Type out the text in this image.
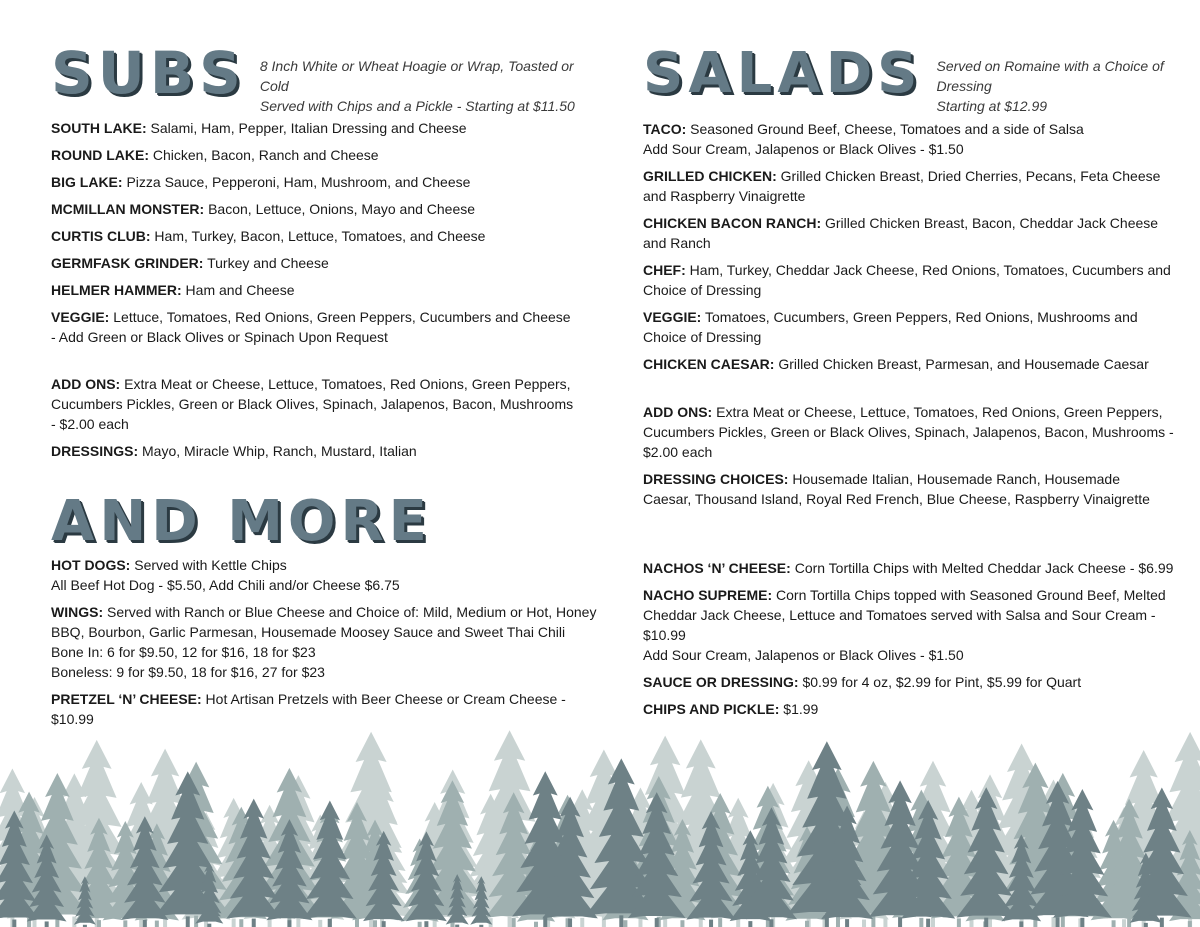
SUBS 8 Inch White or Wheat Hoagie or Wrap, Toasted or Cold
Served with Chips and a Pickle - Starting at $11.50
SOUTH LAKE: Salami, Ham, Pepper, Italian Dressing and Cheese
ROUND LAKE: Chicken, Bacon, Ranch and Cheese
BIG LAKE: Pizza Sauce, Pepperoni, Ham, Mushroom, and Cheese
MCMILLAN MONSTER: Bacon, Lettuce, Onions, Mayo and Cheese
CURTIS CLUB: Ham, Turkey, Bacon, Lettuce, Tomatoes, and Cheese
GERMFASK GRINDER: Turkey and Cheese
HELMER HAMMER: Ham and Cheese
VEGGIE: Lettuce, Tomatoes, Red Onions, Green Peppers, Cucumbers and Cheese
- Add Green or Black Olives or Spinach Upon Request
ADD ONS: Extra Meat or Cheese, Lettuce, Tomatoes, Red Onions, Green Peppers,
Cucumbers Pickles, Green or Black Olives, Spinach, Jalapenos, Bacon, Mushrooms
- $2.00 each
DRESSINGS: Mayo, Miracle Whip, Ranch, Mustard, Italian
AND MORE
HOT DOGS: Served with Kettle Chips
All Beef Hot Dog - $5.50, Add Chili and/or Cheese $6.75
WINGS: Served with Ranch or Blue Cheese and Choice of: Mild, Medium or Hot, Honey
BBQ, Bourbon, Garlic Parmesan, Housemade Moosey Sauce and Sweet Thai Chili
Bone In: 6 for $9.50, 12 for $16, 18 for $23
Boneless: 9 for $9.50, 18 for $16, 27 for $23
PRETZEL ‘N’ CHEESE: Hot Artisan Pretzels with Beer Cheese or Cream Cheese - $10.99
SALADS Served on Romaine with a Choice of Dressing
Starting at $12.99
TACO: Seasoned Ground Beef, Cheese, Tomatoes and a side of Salsa
Add Sour Cream, Jalapenos or Black Olives - $1.50
GRILLED CHICKEN: Grilled Chicken Breast, Dried Cherries, Pecans, Feta Cheese
and Raspberry Vinaigrette
CHICKEN BACON RANCH: Grilled Chicken Breast, Bacon, Cheddar Jack Cheese
and Ranch
CHEF: Ham, Turkey, Cheddar Jack Cheese, Red Onions, Tomatoes, Cucumbers and
Choice of Dressing
VEGGIE: Tomatoes, Cucumbers, Green Peppers, Red Onions, Mushrooms and
Choice of Dressing
CHICKEN CAESAR: Grilled Chicken Breast, Parmesan, and Housemade Caesar
ADD ONS: Extra Meat or Cheese, Lettuce, Tomatoes, Red Onions, Green Peppers,
Cucumbers Pickles, Green or Black Olives, Spinach, Jalapenos, Bacon, Mushrooms -
$2.00 each
DRESSING CHOICES: Housemade Italian, Housemade Ranch, Housemade
Caesar, Thousand Island, Royal Red French, Blue Cheese, Raspberry Vinaigrette
NACHOS ‘N’ CHEESE: Corn Tortilla Chips with Melted Cheddar Jack Cheese - $6.99
NACHO SUPREME: Corn Tortilla Chips topped with Seasoned Ground Beef, Melted
Cheddar Jack Cheese, Lettuce and Tomatoes served with Salsa and Sour Cream - $10.99
Add Sour Cream, Jalapenos or Black Olives - $1.50
SAUCE OR DRESSING: $0.99 for 4 oz, $2.99 for Pint, $5.99 for Quart
CHIPS AND PICKLE: $1.99
